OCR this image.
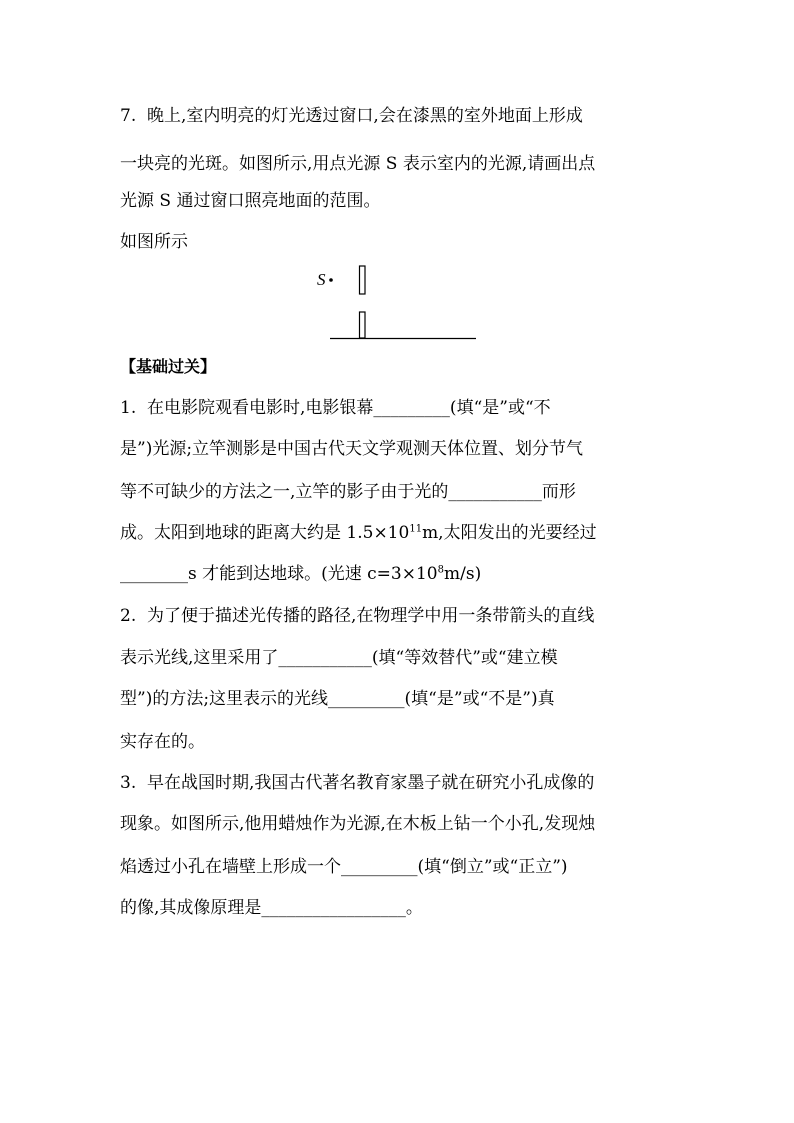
7.  晚上,室内明亮的灯光透过窗口,会在漆黑的室外地面上形成
一块亮的光斑。如图所示,用点光源 S 表示室内的光源,请画出点
光源 S 通过窗口照亮地面的范围。
如图所示
S
【基础过关】
1.  在电影院观看电影时,电影银幕_________(填“是”或“不
是”)光源;立竿测影是中国古代天文学观测天体位置、划分节气
等不可缺少的方法之一,立竿的影子由于光的___________而形
成。太阳到地球的距离大约是 $1.5\times 10^{11}m$,太阳发出的光要经过
________s 才能到达地球。(光速 $c=3\times 10^8m/s$)
2.  为了便于描述光传播的路径,在物理学中用一条带箭头的直线
表示光线,这里采用了___________(填“等效替代”或“建立模
型”)的方法;这里表示的光线_________(填“是”或“不是”)真
实存在的。
3.  早在战国时期,我国古代著名教育家墨子就在研究小孔成像的
现象。如图所示,他用蜡烛作为光源,在木板上钻一个小孔,发现烛
焰透过小孔在墙壁上形成一个_________(填“倒立”或“正立”)
的像,其成像原理是_________________。
